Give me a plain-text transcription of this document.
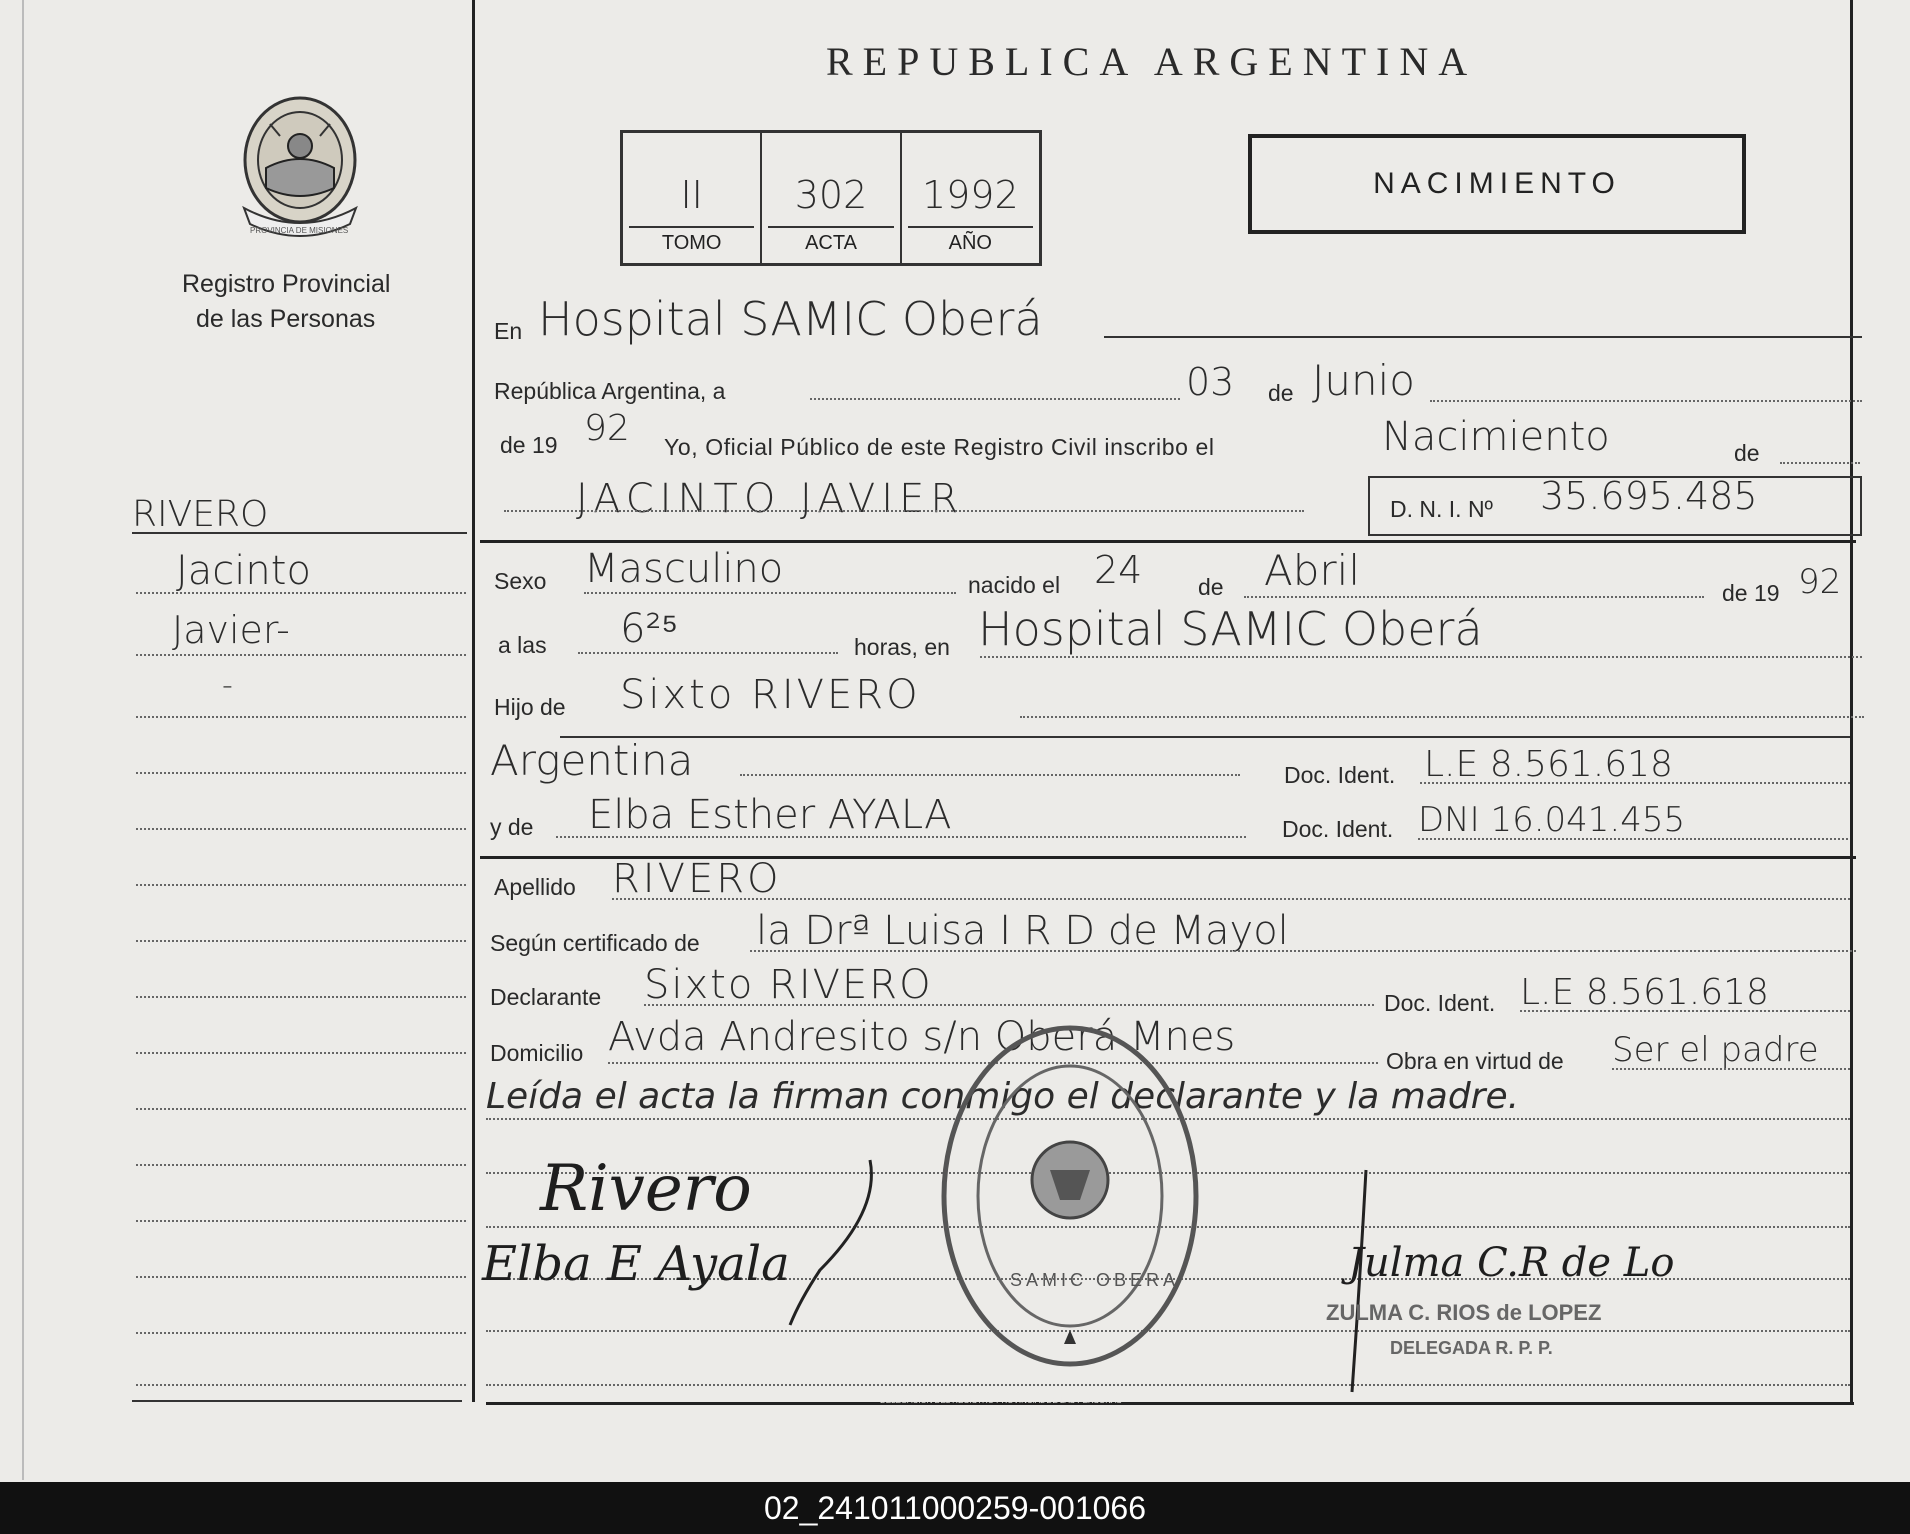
Registro Provincial
de las Personas
RIVERO
Jacinto
Javier-
-
REPUBLICA ARGENTINA
II
TOMO
302
ACTA
1992
AÑO
NACIMIENTO
En Hospital SAMIC Oberá
República Argentina, a	03 de Junio
de 19 92 Yo, Oficial Público de este Registro Civil inscribo el	Nacimiento	de
JACINTO JAVIER	D. N. I. Nº 35.695.485
Sexo Masculino	nacido el 24 de Abril	de 19 92
a las 6²⁵	horas, en Hospital SAMIC Oberá
Hijo de Sixto RIVERO
Argentina	Doc. Ident. L.E 8.561.618
y de Elba Esther AYALA	Doc. Ident. DNI 16.041.455
Apellido RIVERO
Según certificado de la Drª Luisa I R D de Mayol
Declarante Sixto RIVERO	Doc. Ident. L.E 8.561.618
Domicilio Avda Andresito s/n Oberá Mnes
Obra en virtud de Ser el padre
Leída el acta la firman conmigo el declarante y la madre.
SAMIC OBERA
Rivero
Elba E Ayala	Julma C.R de Lo
ZULMA C. RIOS de LOPEZ
DELEGADA R. P. P.
DELEGACION DEL REGISTRO PROVINCIAL DE LAS PERSONAS
PROVINCIA DE MISIONES
02_241011000259-001066
